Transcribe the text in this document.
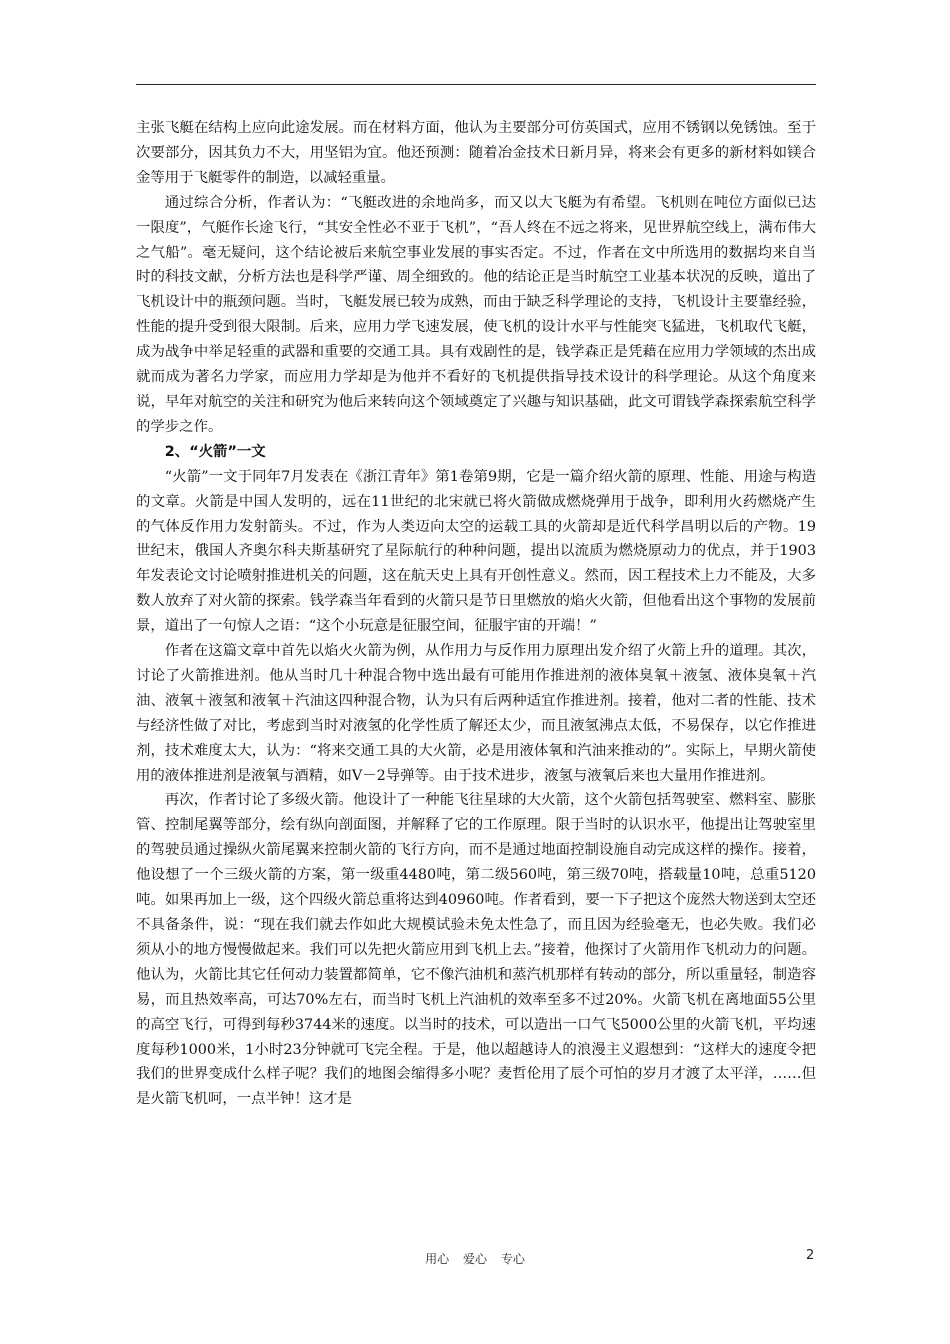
主张飞艇在结构上应向此途发展。而在材料方面，他认为主要部分可仿英国式，应用不锈钢以免锈蚀。至于次要部分，因其负力不大，用坚铝为宜。他还预测：随着冶金技术日新月异，将来会有更多的新材料如镁合金等用于飞艇零件的制造，以减轻重量。

通过综合分析，作者认为：“飞艇改进的余地尚多，而又以大飞艇为有希望。飞机则在吨位方面似已达一限度”，气艇作长途飞行，“其安全性必不亚于飞机”，“吾人终在不远之将来，见世界航空线上，满布伟大之气船”。毫无疑问，这个结论被后来航空事业发展的事实否定。不过，作者在文中所选用的数据均来自当时的科技文献，分析方法也是科学严谨、周全细致的。他的结论正是当时航空工业基本状况的反映，道出了飞机设计中的瓶颈问题。当时，飞艇发展已较为成熟，而由于缺乏科学理论的支持，飞机设计主要靠经验，性能的提升受到很大限制。后来，应用力学飞速发展，使飞机的设计水平与性能突飞猛进，飞机取代飞艇，成为战争中举足轻重的武器和重要的交通工具。具有戏剧性的是，钱学森正是凭藉在应用力学领域的杰出成就而成为著名力学家，而应用力学却是为他并不看好的飞机提供指导技术设计的科学理论。从这个角度来说，早年对航空的关注和研究为他后来转向这个领域奠定了兴趣与知识基础，此文可谓钱学森探索航空科学的学步之作。

2、“火箭”一文

“火箭”一文于同年7月发表在《浙江青年》第1卷第9期，它是一篇介绍火箭的原理、性能、用途与构造的文章。火箭是中国人发明的，远在11世纪的北宋就已将火箭做成燃烧弹用于战争，即利用火药燃烧产生的气体反作用力发射箭头。不过，作为人类迈向太空的运载工具的火箭却是近代科学昌明以后的产物。19世纪末，俄国人齐奥尔科夫斯基研究了星际航行的种种问题，提出以流质为燃烧原动力的优点，并于1903年发表论文讨论喷射推进机关的问题，这在航天史上具有开创性意义。然而，因工程技术上力不能及，大多数人放弃了对火箭的探索。钱学森当年看到的火箭只是节日里燃放的焰火火箭，但他看出这个事物的发展前景，道出了一句惊人之语：“这个小玩意是征服空间，征服宇宙的开端！”

作者在这篇文章中首先以焰火火箭为例，从作用力与反作用力原理出发介绍了火箭上升的道理。其次，讨论了火箭推进剂。他从当时几十种混合物中选出最有可能用作推进剂的液体臭氧＋液氢、液体臭氧＋汽油、液氧＋液氢和液氧＋汽油这四种混合物，认为只有后两种适宜作推进剂。接着，他对二者的性能、技术与经济性做了对比，考虑到当时对液氢的化学性质了解还太少，而且液氢沸点太低，不易保存，以它作推进剂，技术难度太大，认为：“将来交通工具的大火箭，必是用液体氧和汽油来推动的”。实际上，早期火箭使用的液体推进剂是液氧与酒精，如V－2导弹等。由于技术进步，液氢与液氧后来也大量用作推进剂。

再次，作者讨论了多级火箭。他设计了一种能飞往星球的大火箭，这个火箭包括驾驶室、燃料室、膨胀管、控制尾翼等部分，绘有纵向剖面图，并解释了它的工作原理。限于当时的认识水平，他提出让驾驶室里的驾驶员通过操纵火箭尾翼来控制火箭的飞行方向，而不是通过地面控制设施自动完成这样的操作。接着，他设想了一个三级火箭的方案，第一级重4480吨，第二级560吨，第三级70吨，搭载量10吨，总重5120吨。如果再加上一级，这个四级火箭总重将达到40960吨。作者看到，要一下子把这个庞然大物送到太空还不具备条件，说：“现在我们就去作如此大规模试验未免太性急了，而且因为经验毫无，也必失败。我们必须从小的地方慢慢做起来。我们可以先把火箭应用到飞机上去。”接着，他探讨了火箭用作飞机动力的问题。他认为，火箭比其它任何动力装置都简单，它不像汽油机和蒸汽机那样有转动的部分，所以重量轻，制造容易，而且热效率高，可达70%左右，而当时飞机上汽油机的效率至多不过20%。火箭飞机在离地面55公里的高空飞行，可得到每秒3744米的速度。以当时的技术，可以造出一口气飞5000公里的火箭飞机，平均速度每秒1000米，1小时23分钟就可飞完全程。于是，他以超越诗人的浪漫主义遐想到：“这样大的速度令把我们的世界变成什么样子呢？我们的地图会缩得多小呢？麦哲伦用了辰个可怕的岁月才渡了太平洋，……但是火箭飞机呵，一点半钟！这才是

用心 爱心 专心	2
